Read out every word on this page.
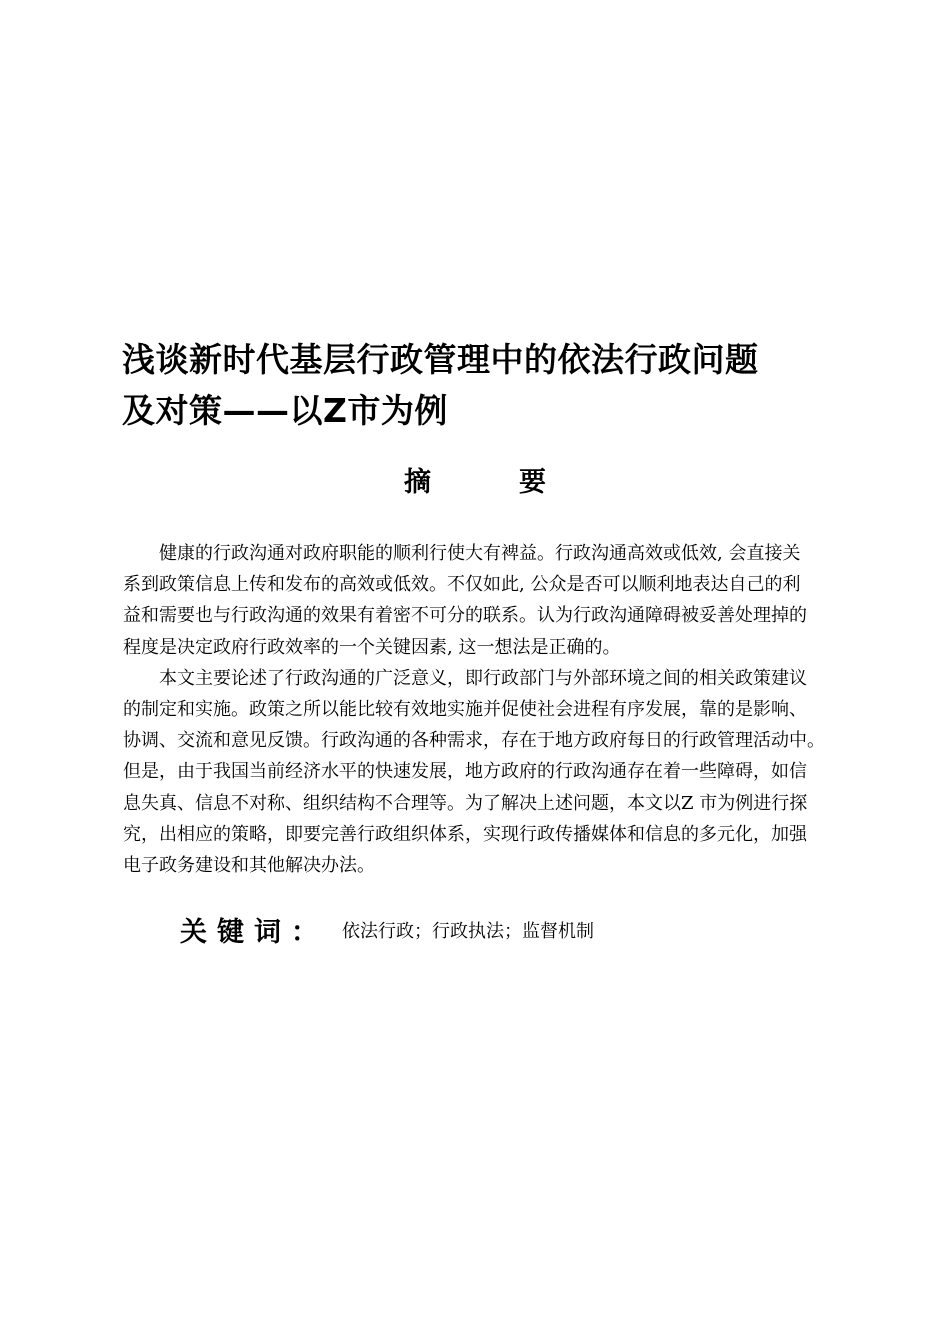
浅谈新时代基层行政管理中的依法行政问题
及对策——以Z市为例
摘	要
　　健康的行政沟通对政府职能的顺利行使大有裨益。行政沟通高效或低效, 会直接关
系到政策信息上传和发布的高效或低效。不仅如此, 公众是否可以顺利地表达自己的利
益和需要也与行政沟通的效果有着密不可分的联系。认为行政沟通障碍被妥善处理掉的
程度是决定政府行政效率的一个关键因素, 这一想法是正确的。
　　本文主要论述了行政沟通的广泛意义，即行政部门与外部环境之间的相关政策建议
的制定和实施。政策之所以能比较有效地实施并促使社会进程有序发展，靠的是影响、
协调、交流和意见反馈。行政沟通的各种需求，存在于地方政府每日的行政管理活动中。
但是，由于我国当前经济水平的快速发展，地方政府的行政沟通存在着一些障碍，如信
息失真、信息不对称、组织结构不合理等。为了解决上述问题，本文以Z 市为例进行探
究，出相应的策略，即要完善行政组织体系，实现行政传播媒体和信息的多元化，加强
电子政务建设和其他解决办法。
关键词： 依法行政；行政执法；监督机制
